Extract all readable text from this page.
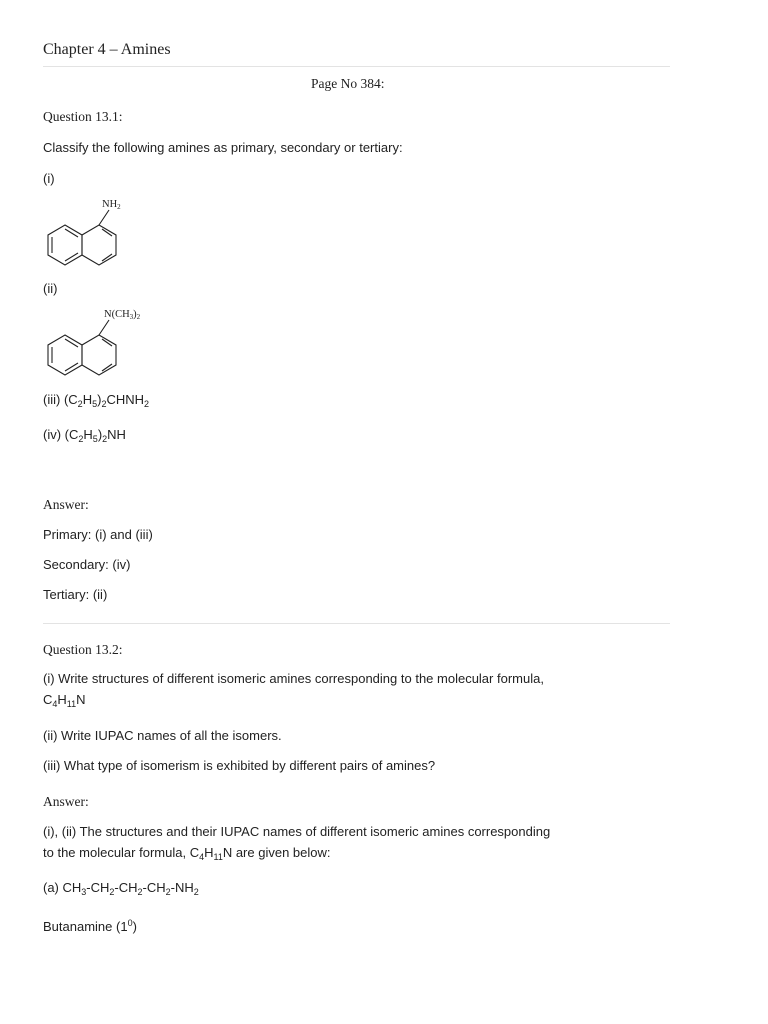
Chapter 4 – Amines
Page No 384:
Question 13.1:
Classify the following amines as primary, secondary or tertiary:
(i)
NH2
(ii)
N(CH3)2
(iii) $(C_2H_5)_2CHNH_2$
(iv) $(C_2H_5)_2NH$
Answer:
Primary: (i) and (iii)
Secondary: (iv)
Tertiary: (ii)
Question 13.2:
(i) Write structures of different isomeric amines corresponding to the molecular formula,
$C_4H_{11}N$
(ii) Write IUPAC names of all the isomers.
(iii) What type of isomerism is exhibited by different pairs of amines?
Answer:
(i), (ii) The structures and their IUPAC names of different isomeric amines corresponding
to the molecular formula, $C_4H_{11}N$ are given below:
(a) $CH_3-CH_2-CH_2-CH_2-NH_2$
Butanamine $(1^0)$
